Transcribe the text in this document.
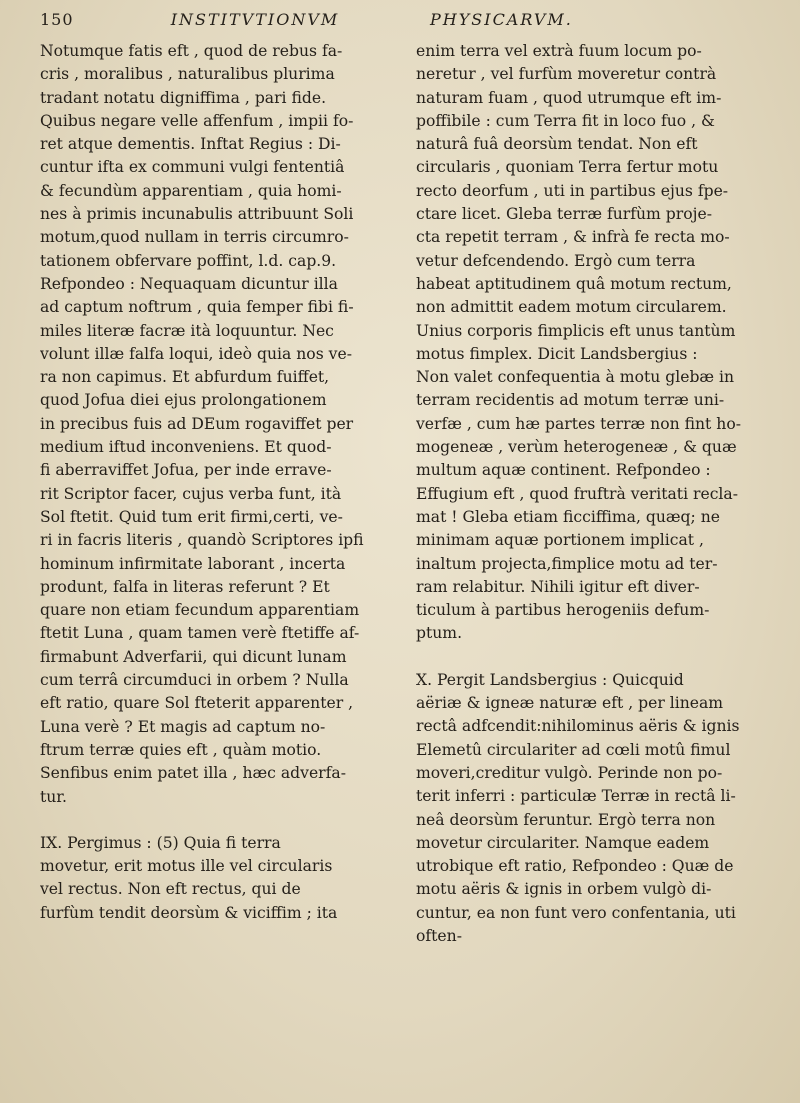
150	INSTITVTIONVM	PHYSICARVM.
Notumque fatis eft , quod de rebus fa-
cris , moralibus , naturalibus plurima
tradant notatu digniffima , pari fide.
Quibus negare velle affenfum , impii fo-
ret atque dementis. Inftat Regius : Di-
cuntur ifta ex communi vulgi fententiâ
& fecundùm apparentiam , quia homi-
nes à primis incunabulis attribuunt Soli
motum,quod nullam in terris circumro-
tationem obfervare poffint, l.d. cap.9.
Refpondeo : Nequaquam dicuntur illa
ad captum noftrum , quia femper fibi fi-
miles literæ facræ ità loquuntur. Nec
volunt illæ falfa loqui, ideò quia nos ve-
ra non capimus. Et abfurdum fuiffet,
quod Jofua diei ejus prolongationem
in precibus fuis ad DEum rogaviffet per
medium iftud inconveniens. Et quod-
fi aberraviffet Jofua, per inde errave-
rit Scriptor facer, cujus verba funt, ità
Sol ftetit. Quid tum erit firmi,certi, ve-
ri in facris literis , quandò Scriptores ipfi
hominum infirmitate laborant , incerta
produnt, falfa in literas referunt ? Et
quare non etiam fecundum apparentiam
ftetit Luna , quam tamen verè ftetiffe af-
firmabunt Adverfarii, qui dicunt lunam
cum terrâ circumduci in orbem ? Nulla
eft ratio, quare Sol fteterit apparenter ,
Luna verè ? Et magis ad captum no-
ftrum terræ quies eft , quàm motio.
Senfibus enim patet illa , hæc adverfa-
tur.
IX. Pergimus : (5) Quia fi terra
movetur, erit motus ille vel circularis
vel rectus. Non eft rectus, qui de
furfùm tendit deorsùm & viciffim ; ita
enim terra vel extrà fuum locum po-
neretur , vel furfùm moveretur contrà
naturam fuam , quod utrumque eft im-
poffibile : cum Terra fit in loco fuo , &
naturâ fuâ deorsùm tendat. Non eft
circularis , quoniam Terra fertur motu
recto deorfum , uti in partibus ejus fpe-
ctare licet. Gleba terræ furfùm proje-
cta repetit terram , & infrà fe recta mo-
vetur defcendendo. Ergò cum terra
habeat aptitudinem quâ motum rectum,
non admittit eadem motum circularem.
Unius corporis fimplicis eft unus tantùm
motus fimplex. Dicit Landsbergius :
Non valet confequentia à motu glebæ in
terram recidentis ad motum terræ uni-
verfæ , cum hæ partes terræ non fint ho-
mogeneæ , verùm heterogeneæ , & quæ
multum aquæ continent. Refpondeo :
Effugium eft , quod fruftrà veritati recla-
mat ! Gleba etiam ficciffima, quæq; ne
minimam aquæ portionem implicat ,
inaltum projecta,fimplice motu ad ter-
ram relabitur. Nihili igitur eft diver-
ticulum à partibus herogeniis defum-
ptum.
X. Pergit Landsbergius : Quicquid
aëriæ & igneæ naturæ eft , per lineam
rectâ adfcendit:nihilominus aëris & ignis
Elemetû circulariter ad cœli motû fimul
moveri,creditur vulgò. Perinde non po-
terit inferri : particulæ Terræ in rectâ li-
neâ deorsùm feruntur. Ergò terra non
movetur circulariter. Namque eadem
utrobique eft ratio, Refpondeo : Quæ de
motu aëris & ignis in orbem vulgò di-
cuntur, ea non funt vero confentania, uti
often-
